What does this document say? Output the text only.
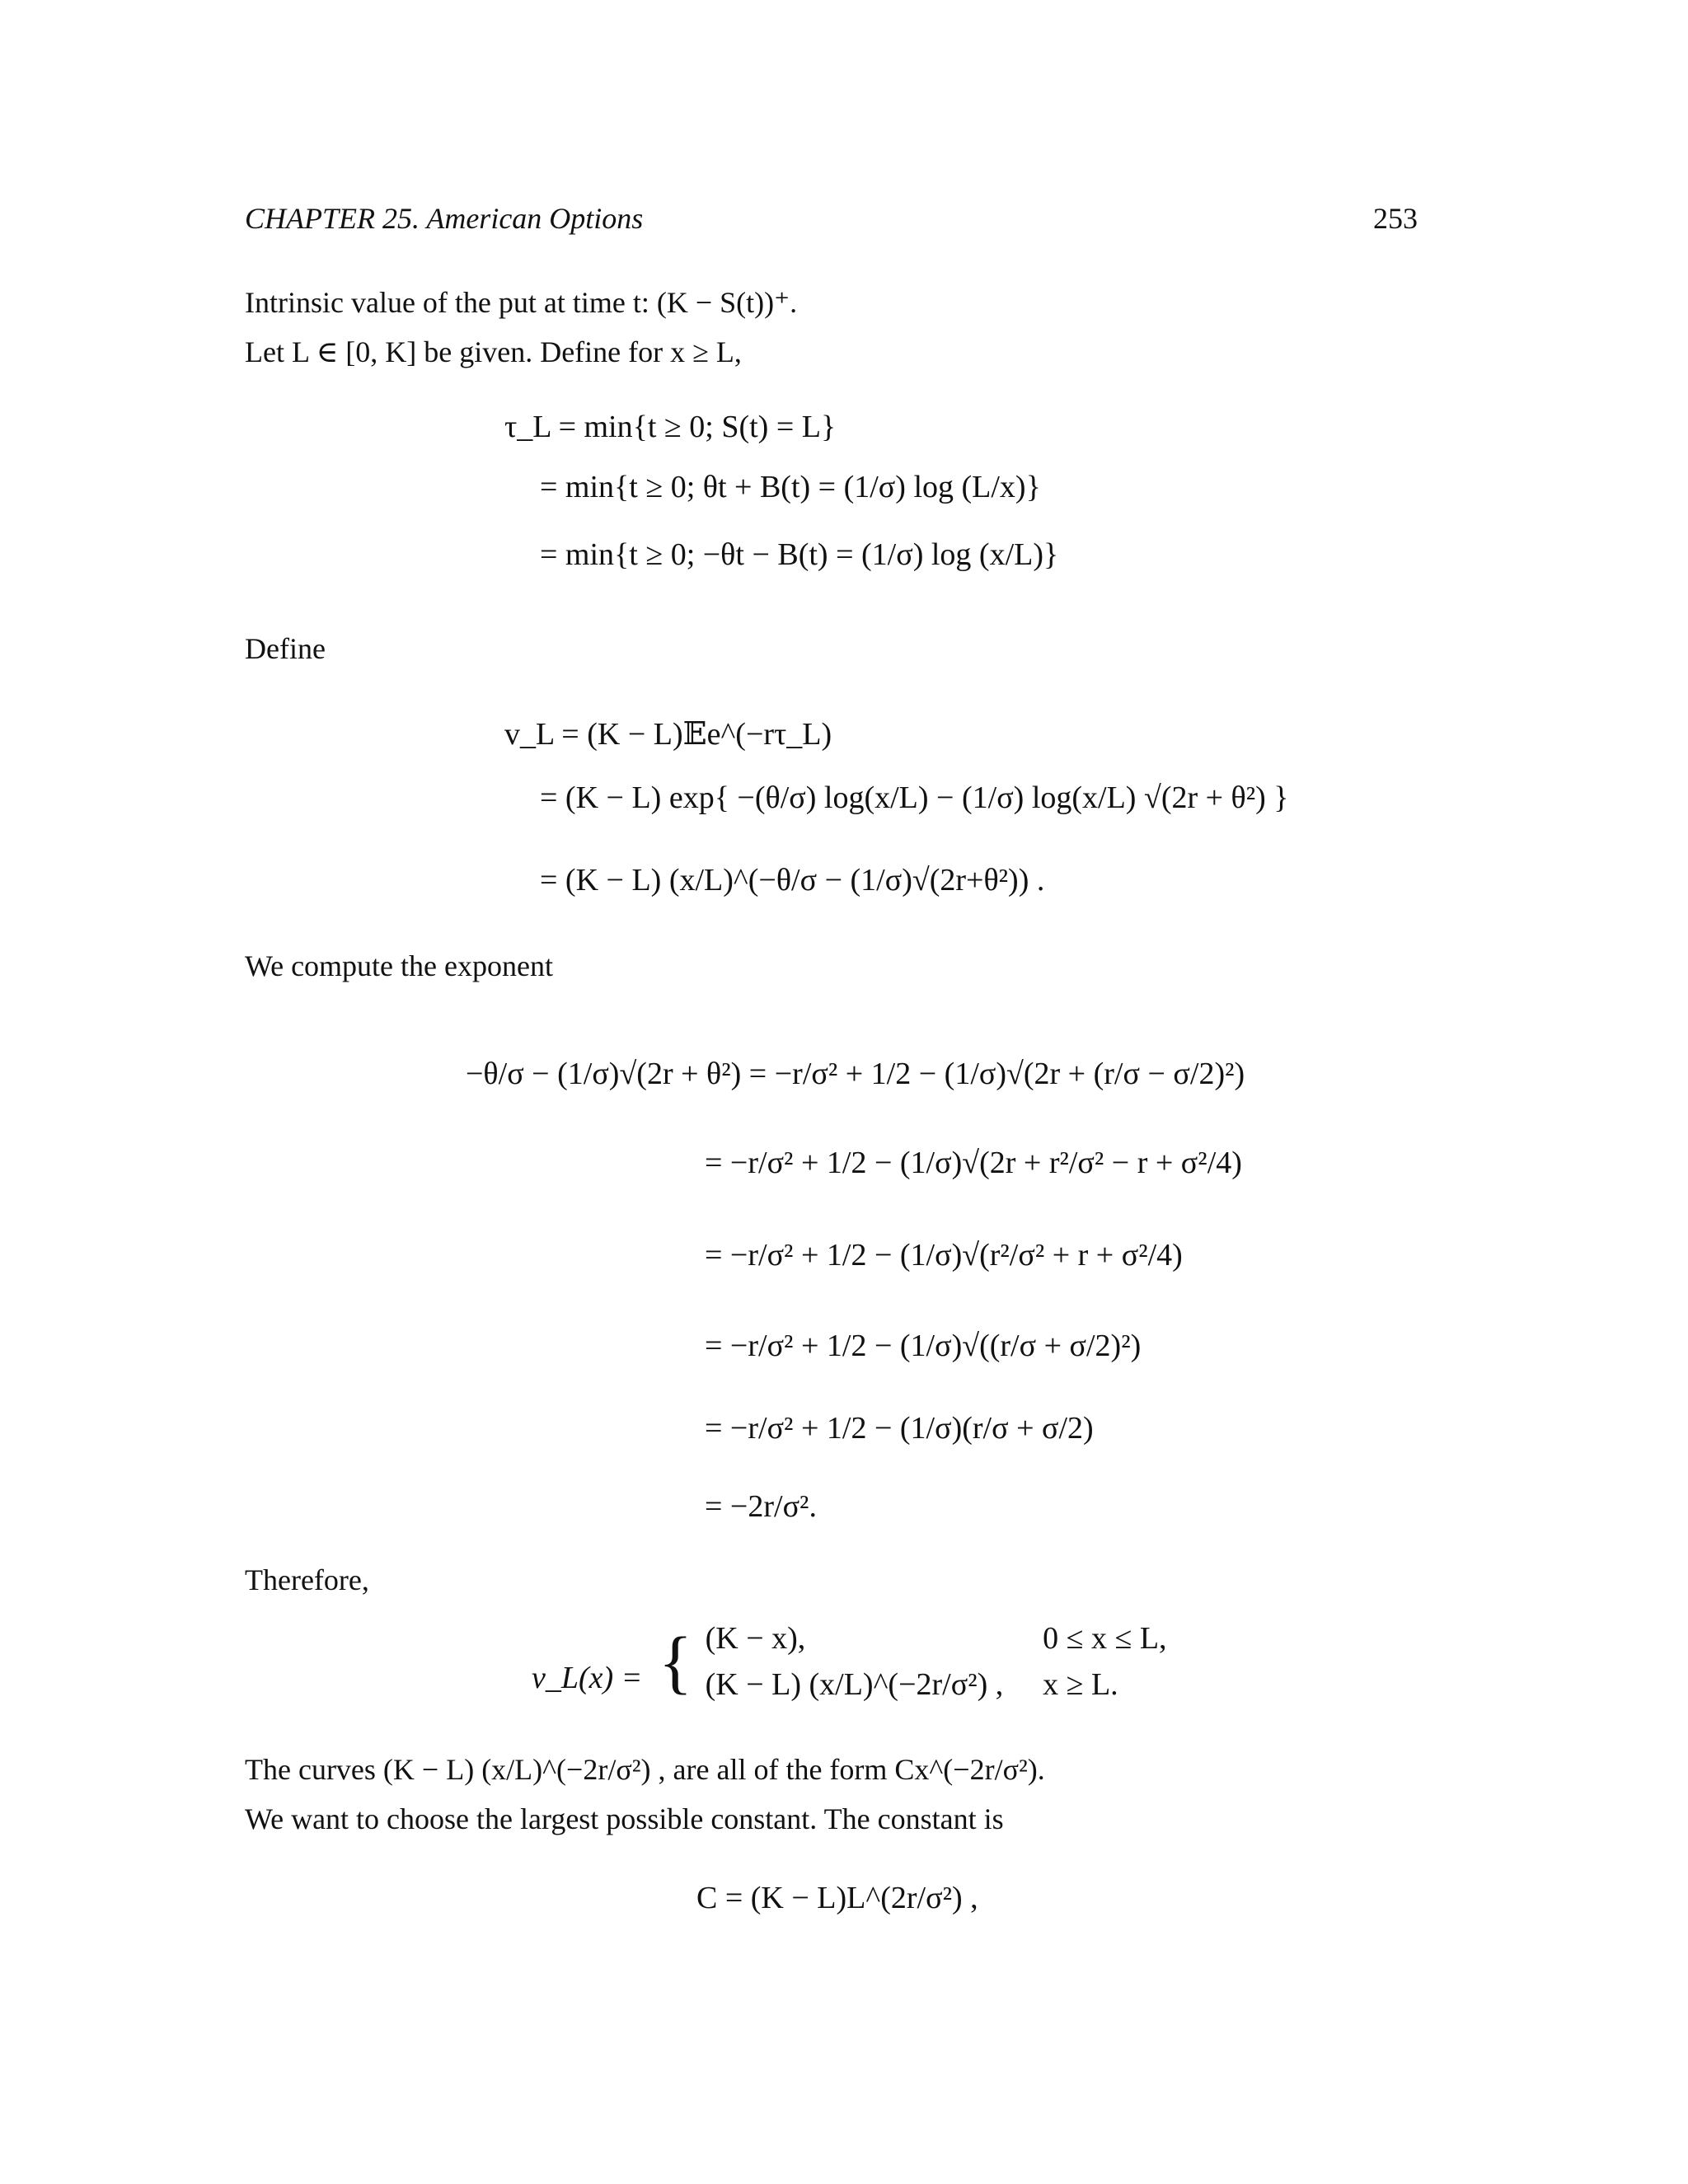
CHAPTER 25. American Options	253
Intrinsic value of the put at time t: (K − S(t))⁺.
Let L ∈ [0, K] be given. Define for x ≥ L,
τ_L = min{t ≥ 0; S(t) = L}
= min{t ≥ 0; θt + B(t) = (1/σ) log (L/x)}
= min{t ≥ 0; −θt − B(t) = (1/σ) log (x/L)}
Define
v_L = (K − L)𝔼e^(−rτ_L)
= (K − L) exp{ −(θ/σ) log(x/L) − (1/σ) log(x/L) √(2r + θ²) }
= (K − L) (x/L)^(−θ/σ − (1/σ)√(2r+θ²)) .
We compute the exponent
−θ/σ − (1/σ)√(2r + θ²) = −r/σ² + 1/2 − (1/σ)√(2r + (r/σ − σ/2)²)
= −r/σ² + 1/2 − (1/σ)√(2r + r²/σ² − r + σ²/4)
= −r/σ² + 1/2 − (1/σ)√(r²/σ² + r + σ²/4)
= −r/σ² + 1/2 − (1/σ)√((r/σ + σ/2)²)
= −r/σ² + 1/2 − (1/σ)(r/σ + σ/2)
= −2r/σ².
Therefore,
v_L(x) = { (K − x),	0 ≤ x ≤ L,
(K − L) (x/L)^(−2r/σ²) , x ≥ L.
The curves (K − L) (x/L)^(−2r/σ²) , are all of the form Cx^(−2r/σ²).
We want to choose the largest possible constant. The constant is
C = (K − L)L^(2r/σ²) ,
